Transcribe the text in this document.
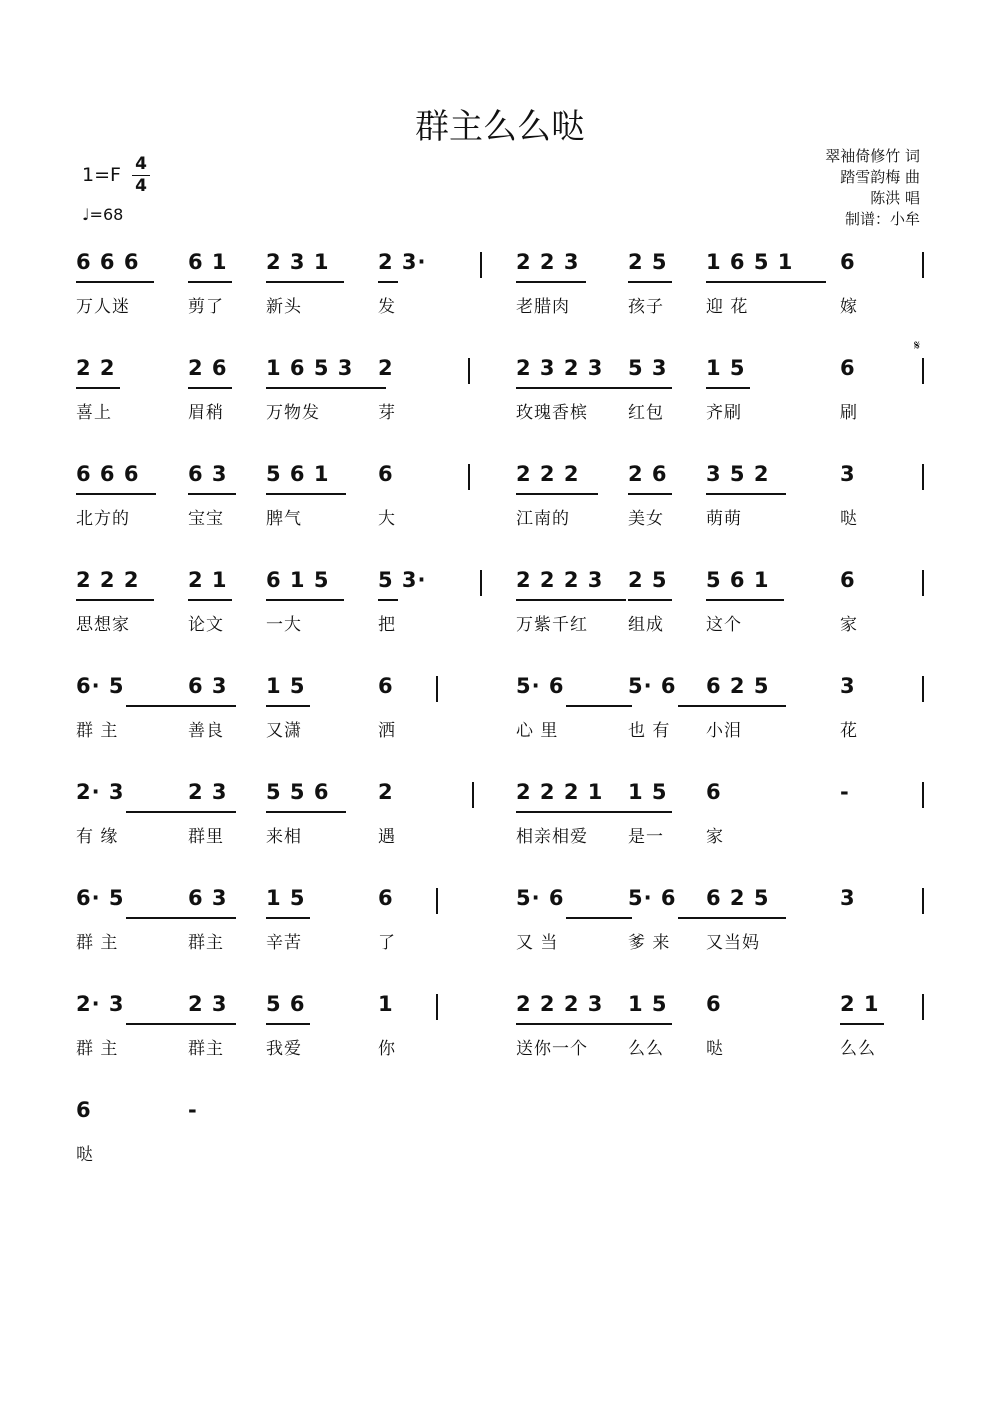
群主么么哒
1=F 4
4
♩=68
翠袖倚修竹 词
踏雪韵梅 曲
陈洪 唱
制谱：小牟
𝄋
6 6 6 6 1 2 3 1 2 3·	2 2 3 2 5 1 6 5 1 6
万人迷	剪了 新头	发	老腊肉	孩子 迎 花	嫁
2 2	2 6 1 6 5 3 2	2 3 2 3 5 3 1 5	6
喜上	眉稍 万物发	芽	玫瑰香槟 红包 齐刷	刷
6 6 6 6 3 5 6 1 6	2 2 2 2 6 3 5 2	3
北方的	宝宝 脾气	大	江南的	美女 萌萌	哒
2 2 2 2 1 6 1 5 5 3·	2 2 2 3 2 5 5 6 1	6
思想家	论文 一大	把	万紫千红 组成 这个	家
6· 5	6 3 1 5	6	5· 6	5· 6 6 2 5	3
群 主	善良 又潇	洒	心 里	也 有 小泪	花
2· 3	2 3 5 5 6 2	2 2 2 1 1 5 6	-
有 缘	群里 来相	遇	相亲相爱 是一 家
6· 5	6 3 1 5	6	5· 6	5· 6 6 2 5	3
群 主	群主 辛苦	了	又 当	爹 来 又当妈
2· 3	2 3 5 6	1	2 2 2 3 1 5 6	2 1
群 主	群主 我爱	你	送你一个 么么 哒	么么
6	-
哒
